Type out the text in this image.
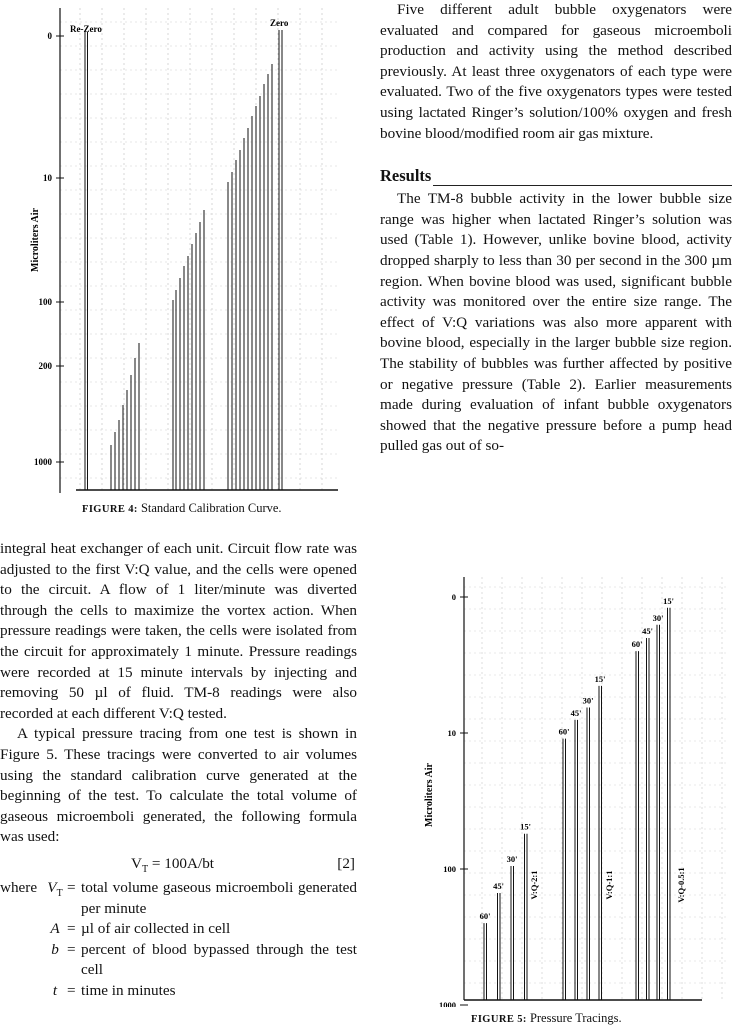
0
10
100
200
1000
Microliters Air
Re-Zero
Zero
FIGURE 4: Standard Calibration Curve.

Five different adult bubble oxygenators were evaluated and compared for gaseous microemboli production and activity using the method described previously. At least three oxygenators of each type were evaluated. Two of the five oxygenators types were tested using lactated Ringer’s solution/100% oxygen and fresh bovine blood/modified room air gas mixture.

Results

The TM-8 bubble activity in the lower bubble size range was higher when lactated Ringer’s solution was used (Table 1). However, unlike bovine blood, activity dropped sharply to less than 30 per second in the 300 µm region. When bovine blood was used, significant bubble activity was monitored over the entire size range. The effect of V:Q variations was also more apparent with bovine blood, especially in the larger bubble size region. The stability of bubbles was further affected by positive or negative pressure (Table 2). Earlier measurements made during evaluation of infant bubble oxygenators showed that the negative pressure before a pump head pulled gas out of so-

integral heat exchanger of each unit. Circuit flow rate was adjusted to the first V:Q value, and the cells were opened to the circuit. A flow of 1 liter/minute was diverted through the cells to maximize the vortex action. When pressure readings were taken, the cells were isolated from the circuit for approximately 1 minute. Pressure readings were recorded at 15 minute intervals by injecting and removing 50 µl of fluid. TM-8 readings were also recorded at each different V:Q tested.

A typical pressure tracing from one test is shown in Figure 5. These tracings were converted to air volumes using the standard calibration curve generated at the beginning of the test. To calculate the total volume of gaseous microemboli generated, the following formula was used:

$V_T = 100A/bt$	[2]
where $V_T$ = total volume gaseous microemboli generated per minute
A = µl of air collected in cell
b = percent of blood bypassed through the test cell
t = time in minutes
0
10
100
1000
Microliters Air
60'
45'
30'
15'
V:Q-2:1
60'
45'
30'
15'
V:Q-1:1
60'
45'
30'
15'
V:Q-0.5:1
FIGURE 5: Pressure Tracings.
